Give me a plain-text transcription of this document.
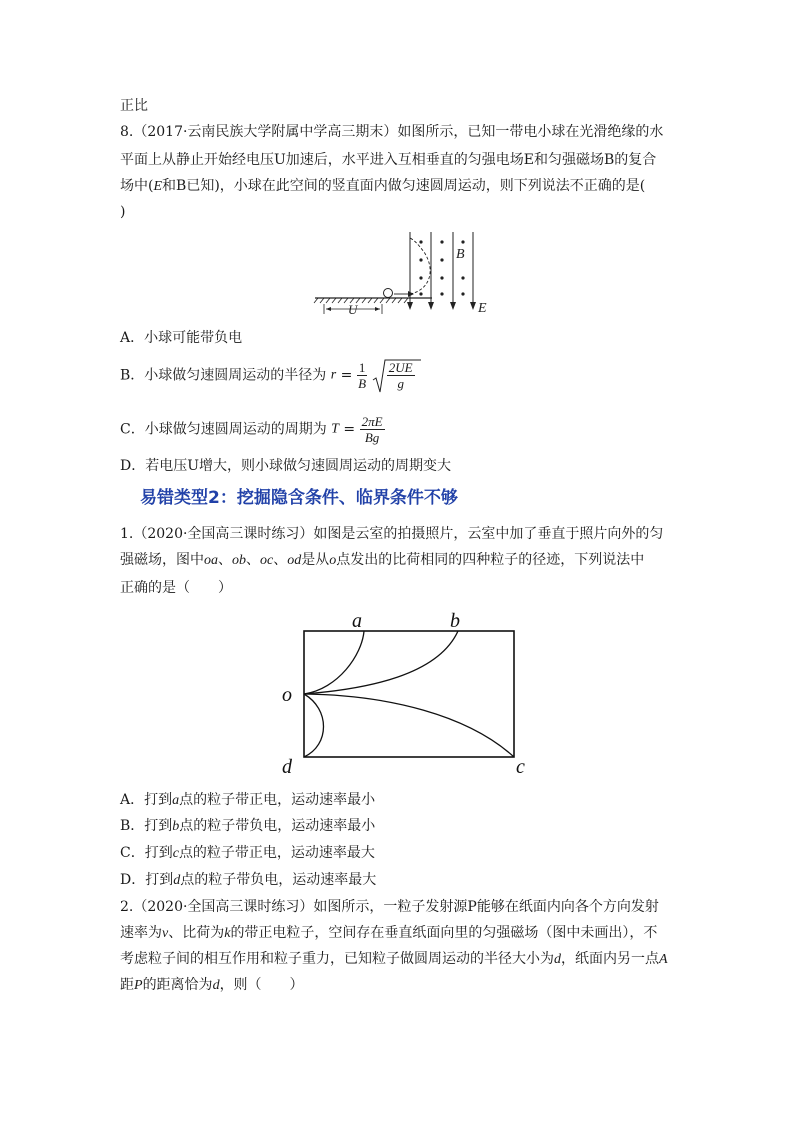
正比
8.（2017·云南民族大学附属中学高三期末）如图所示，已知一带电小球在光滑绝缘的水
平面上从静止开始经电压U加速后，水平进入互相垂直的匀强电场E和匀强磁场B的复合
场中(E和B已知)，小球在此空间的竖直面内做匀速圆周运动，则下列说法不正确的是(
)
U
B
E
A．小球可能带负电
B．小球做匀速圆周运动的半径为 $r = \frac{1}{B}$
$\frac{2UE}{g}$
C．小球做匀速圆周运动的周期为 $T = \frac{2\pi E}{Bg}$
D．若电压U增大，则小球做匀速圆周运动的周期变大
易错类型2：挖掘隐含条件、临界条件不够
1.（2020·全国高三课时练习）如图是云室的拍摄照片，云室中加了垂直于照片向外的匀
强磁场，图中oa、ob、oc、od是从o点发出的比荷相同的四种粒子的径迹，下列说法中
正确的是（　　）
a	b
o
d	c
A．打到a点的粒子带正电，运动速率最小
B．打到b点的粒子带负电，运动速率最小
C．打到c点的粒子带正电，运动速率最大
D．打到d点的粒子带负电，运动速率最大
2.（2020·全国高三课时练习）如图所示，一粒子发射源P能够在纸面内向各个方向发射
速率为v、比荷为k的带正电粒子，空间存在垂直纸面向里的匀强磁场（图中未画出），不
考虑粒子间的相互作用和粒子重力，已知粒子做圆周运动的半径大小为d，纸面内另一点A
距P的距离恰为d，则（　　）
